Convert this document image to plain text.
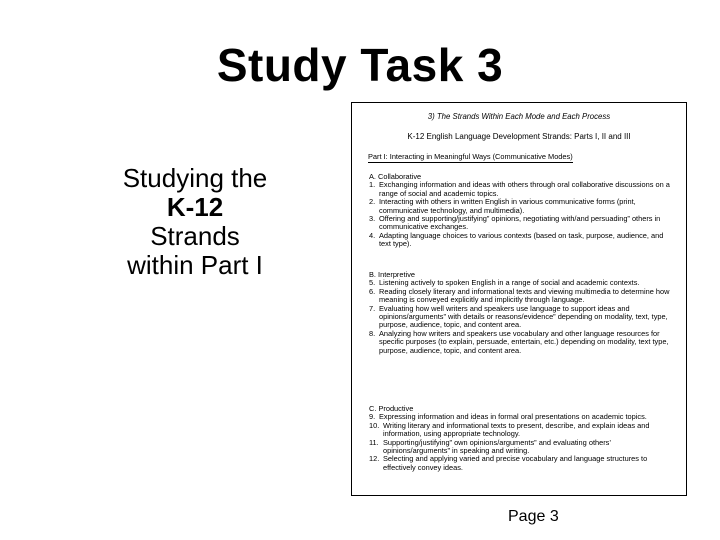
Study Task 3
Studying the
K-12
Strands
within Part I
3) The Strands Within Each Mode and Each Process
K-12 English Language Development Strands: Parts I, II and III
Part I: Interacting in Meaningful Ways (Communicative Modes)
A. Collaborative
1. Exchanging information and ideas with others through oral collaborative discussions on a range of social and academic topics.
2. Interacting with others in written English in various communicative forms (print, communicative technology, and multimedia).
3. Offering and supporting/justifying” opinions, negotiating with/and persuading” others in communicative exchanges.
4. Adapting language choices to various contexts (based on task, purpose, audience, and text type).
B. Interpretive
5. Listening actively to spoken English in a range of social and academic contexts.
6. Reading closely literary and informational texts and viewing multimedia to determine how meaning is conveyed explicitly and implicitly through language.
7. Evaluating how well writers and speakers use language to support ideas and opinions/arguments” with details or reasons/evidence” depending on modality, text, type, purpose, audience, topic, and content area.
8. Analyzing how writers and speakers use vocabulary and other language resources for specific purposes (to explain, persuade, entertain, etc.) depending on modality, text type, purpose, audience, topic, and content area.
C. Productive
9. Expressing information and ideas in formal oral presentations on academic topics.
10. Writing literary and informational texts to present, describe, and explain ideas and information, using appropriate technology.
11. Supporting/justifying” own opinions/arguments” and evaluating others’ opinions/arguments” in speaking and writing.
12. Selecting and applying varied and precise vocabulary and language structures to effectively convey ideas.
Page 3
